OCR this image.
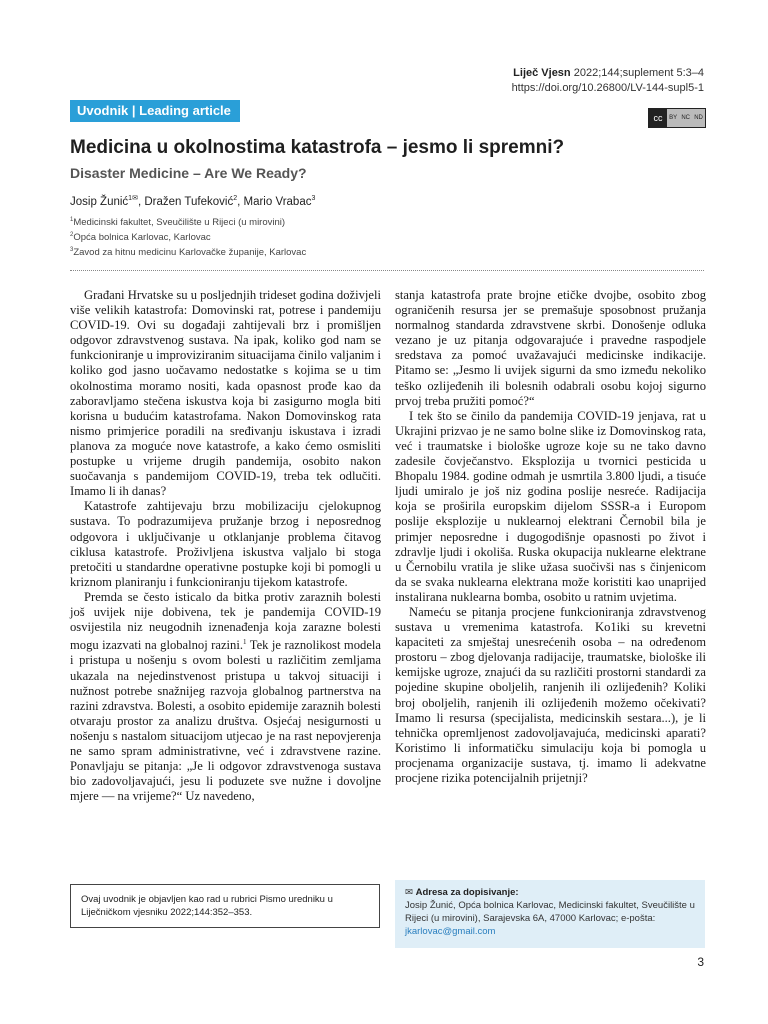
Liječ Vjesn 2022;144;suplement 5:3–4
https://doi.org/10.26800/LV-144-supl5-1
Uvodnik | Leading article	cc	BY NC ND
Medicina u okolnostima katastrofa – jesmo li spremni?
Disaster Medicine – Are We Ready?
Josip Žunić$^{1✉}$, Dražen Tufeković$^2$, Mario Vrabac$^3$
$^1$Medicinski fakultet, Sveučilište u Rijeci (u mirovini)
$^2$Opća bolnica Karlovac, Karlovac
$^3$Zavod za hitnu medicinu Karlovačke županije, Karlovac

Građani Hrvatske su u posljednjih trideset godina doživjeli više velikih katastrofa: Domovinski rat, potrese i pandemiju COVID-19. Ovi su događaji zahtijevali brz i promišljen odgovor zdravstvenog sustava. Na ipak, koliko god nam se funkcioniranje u improviziranim situacijama činilo valjanim i koliko god jasno uočavamo nedostatke s kojima se u tim okolnostima moramo nositi, kada opasnost prođe kao da zaboravljamo stečena iskustva koja bi zasigurno mogla biti korisna u budućim katastrofama. Nakon Domovinskog rata nismo primjerice poradili na sređivanju iskustava i izradi planova za moguće nove katastrofe, a kako ćemo osmisliti postupke u vrijeme drugih pandemija, osobito nakon suočavanja s pandemijom COVID-19, treba tek odlučiti. Imamo li ih danas?

Katastrofe zahtijevaju brzu mobilizaciju cjelokupnog sustava. To podrazumijeva pružanje brzog i neposrednog odgovora i uključivanje u otklanjanje problema čitavog ciklusa katastrofe. Proživljena iskustva valjalo bi stoga pretočiti u standardne operativne postupke koji bi pomogli u kriznom planiranju i funkcioniranju tijekom katastrofe.

Premda se često isticalo da bitka protiv zaraznih bolesti još uvijek nije dobivena, tek je pandemija COVID-19 osvijestila niz neugodnih iznenađenja koja zarazne bolesti mogu izazvati na globalnoj razini.$^1$ Tek je raznolikost modela i pristupa u nošenju s ovom bolesti u različitim zemljama ukazala na nejedinstvenost pristupa u takvoj situaciji i nužnost potrebe snažnijeg razvoja globalnog partnerstva na razini zdravstva. Bolesti, a osobito epidemije zaraznih bolesti otvaraju prostor za analizu društva. Osjećaj nesigurnosti u nošenju s nastalom situacijom utjecao je na rast nepovjerenja ne samo spram administrativne, već i zdravstvene razine. Ponavljaju se pitanja: „Je li odgovor zdravstvenoga sustava bio zadovoljavajući, jesu li poduzete sve nužne i dovoljne mjere — na vrijeme?“ Uz navedeno,

stanja katastrofa prate brojne etičke dvojbe, osobito zbog ograničenih resursa jer se premašuje sposobnost pružanja normalnog standarda zdravstvene skrbi. Donošenje odluka vezano je uz pitanja odgovarajuće i pravedne raspodjele sredstava za pomoć uvažavajući medicinske indikacije. Pitamo se: „Jesmo li uvijek sigurni da smo između nekoliko teško ozlijeđenih ili bolesnih odabrali osobu kojoj sigurno prvoj treba pružiti pomoć?“

I tek što se činilo da pandemija COVID-19 jenjava, rat u Ukrajini prizvao je ne samo bolne slike iz Domovinskog rata, već i traumatske i biološke ugroze koje su ne tako davno zadesile čovječanstvo. Eksplozija u tvornici pesticida u Bhopalu 1984. godine odmah je usmrtila 3.800 ljudi, a tisuće ljudi umiralo je još niz godina poslije nesreće. Radijacija koja se proširila europskim dijelom SSSR-a i Europom poslije eksplozije u nuklearnoj elektrani Černobil bila je primjer neposredne i dugogodišnje opasnosti po život i zdravlje ljudi i okoliša. Ruska okupacija nuklearne elektrane u Černobilu vratila je slike užasa suočivši nas s činjenicom da se svaka nuklearna elektrana može koristiti kao unaprijed instalirana nuklearna bomba, osobito u ratnim uvjetima.

Nameću se pitanja procjene funkcioniranja zdravstvenog sustava u vremenima katastrofa. Ko1iki su krevetni kapaciteti za smještaj unesrećenih osoba – na određenom prostoru – zbog djelovanja radijacije, traumatske, biološke ili kemijske ugroze, znajući da su različiti prostorni standardi za pojedine skupine oboljelih, ranjenih ili ozlijeđenih? Koliki broj oboljelih, ranjenih ili ozlijeđenih možemo očekivati? Imamo li resursa (specijalista, medicinskih sestara...), je li tehnička opremljenost zadovoljavajuća, medicinski aparati? Koristimo li informatičku simulaciju koja bi pomogla u procjenama organizacije sustava, tj. imamo li adekvatne procjene rizika potencijalnih prijetnji?

Ovaj uvodnik je objavljen kao rad u rubrici Pismo uredniku u Liječničkom vjesniku 2022;144:352–353.
✉ Adresa za dopisivanje:
Josip Žunić, Opća bolnica Karlovac, Medicinski fakultet, Sveučilište u Rijeci (u mirovini), Sarajevska 6A, 47000 Karlovac; e-pošta: jkarlovac@gmail.com
3
